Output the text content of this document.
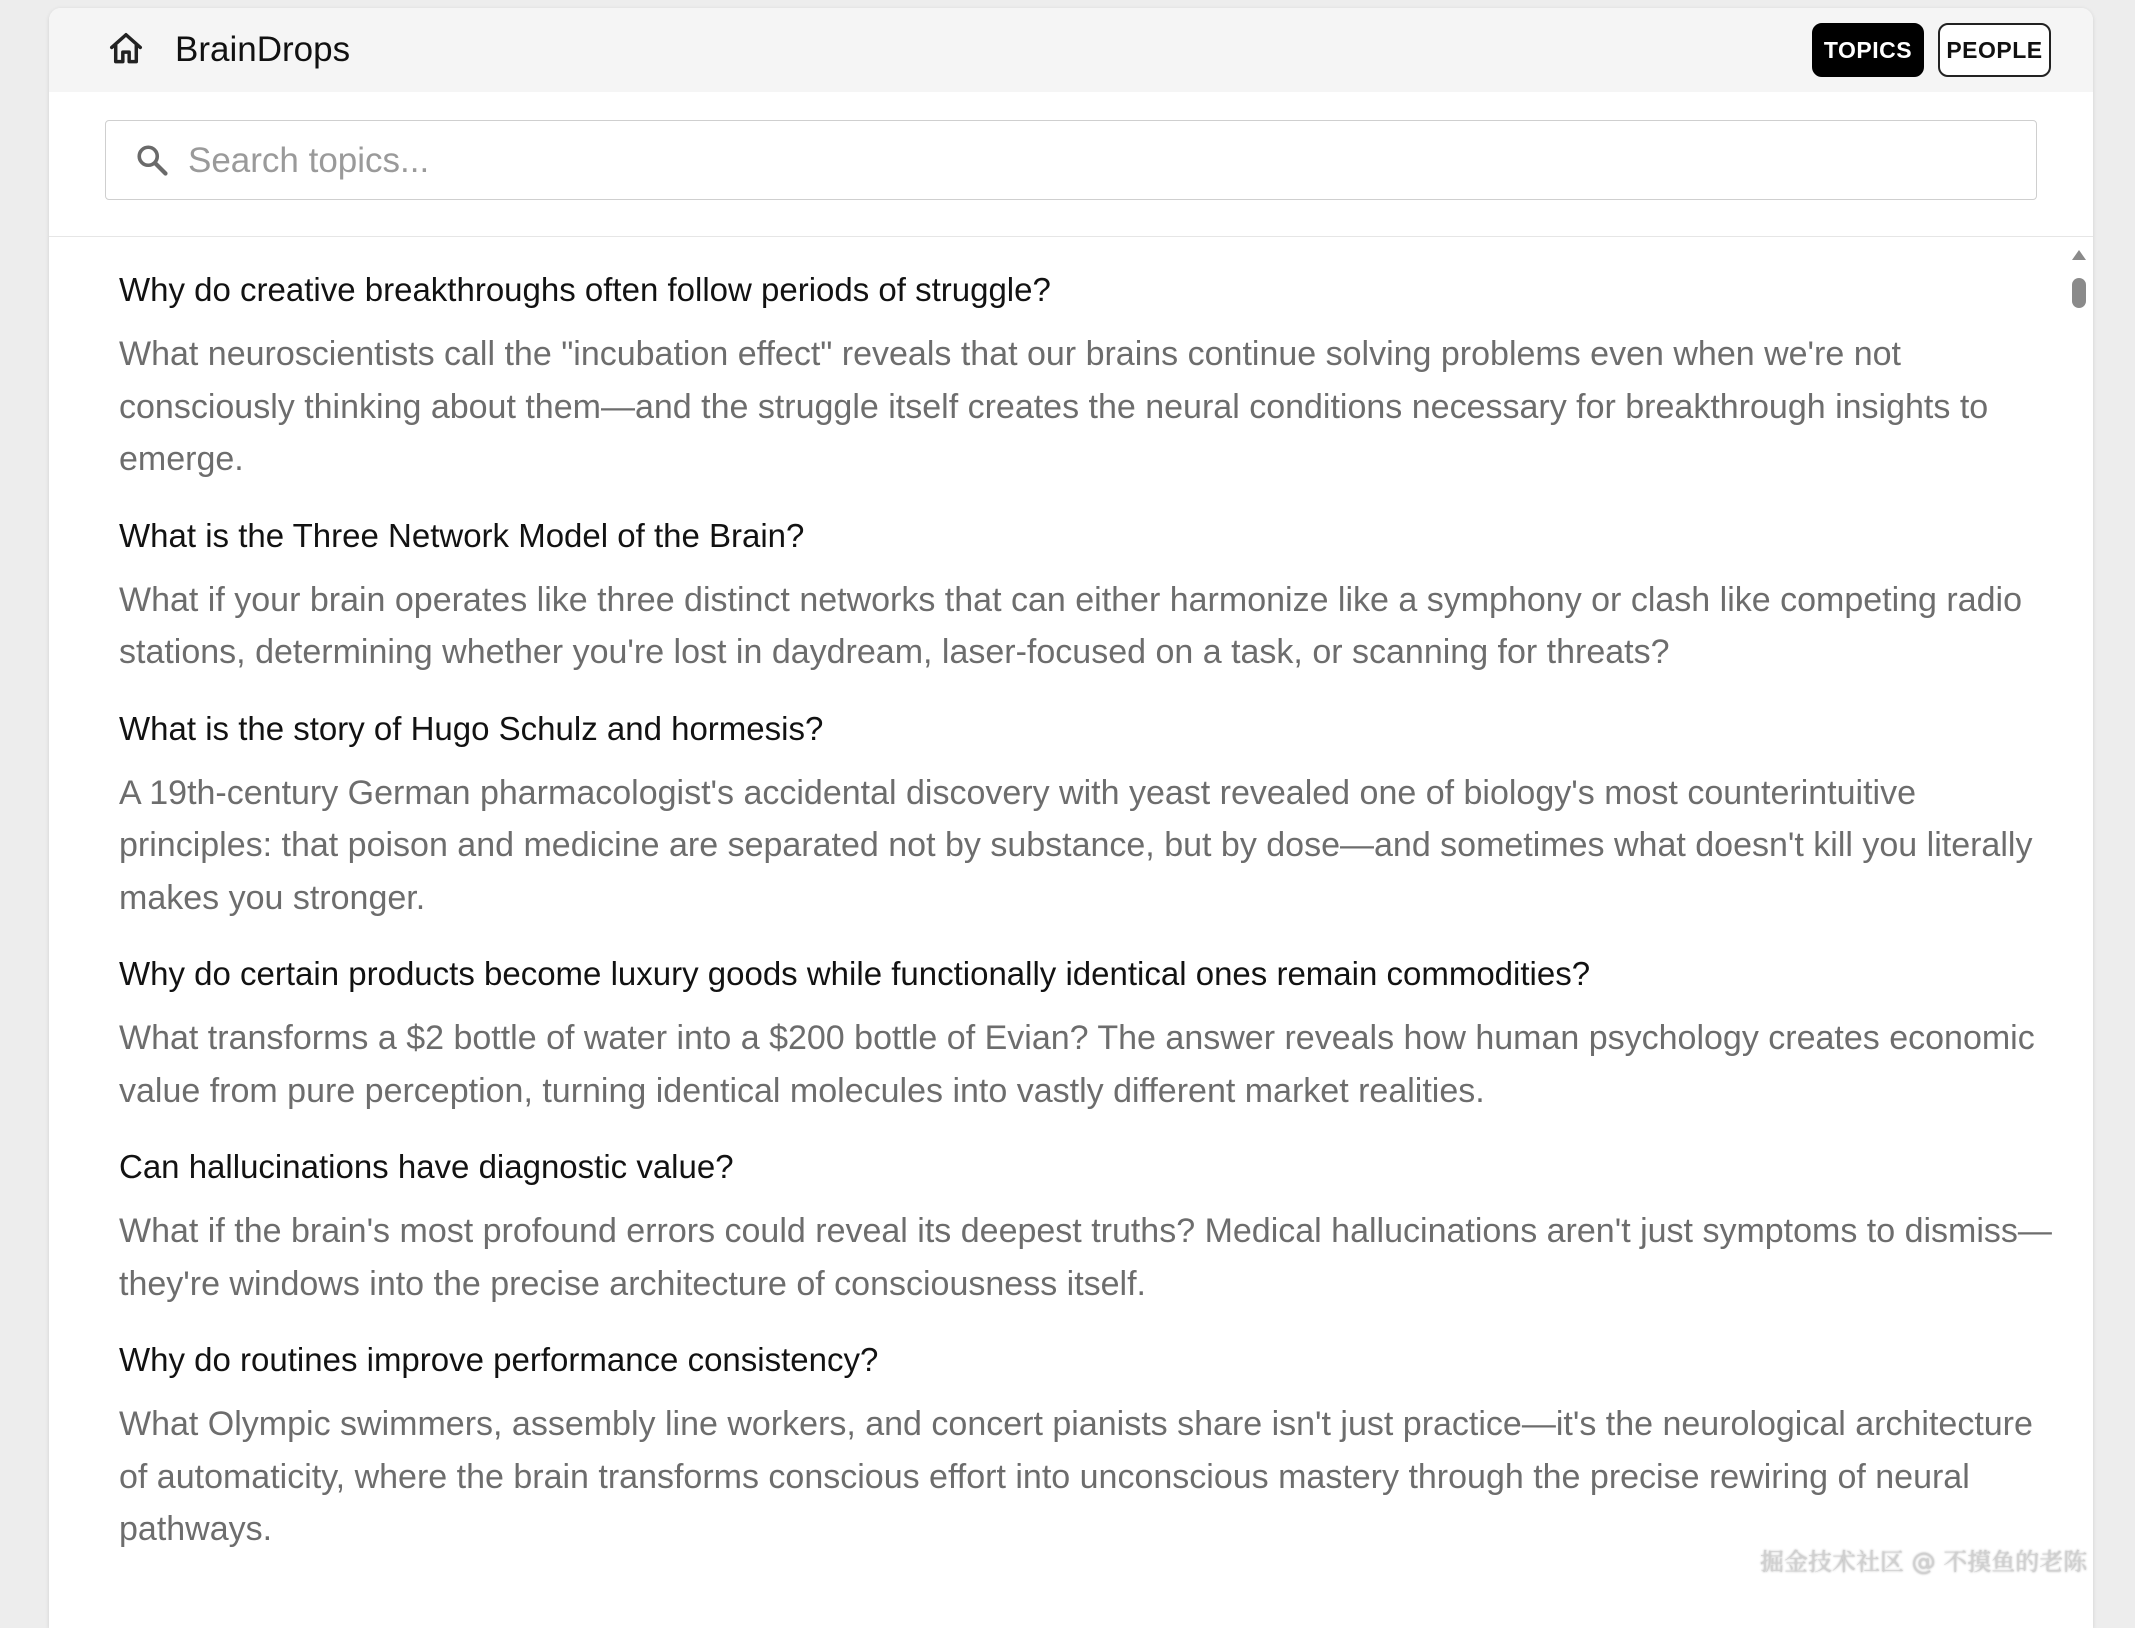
BrainDrops	TOPICS	PEOPLE
Search topics...
Why do creative breakthroughs often follow periods of struggle?
What neuroscientists call the "incubation effect" reveals that our brains continue solving problems even when we're not consciously thinking about them—and the struggle itself creates the neural conditions necessary for breakthrough insights to emerge.
What is the Three Network Model of the Brain?
What if your brain operates like three distinct networks that can either harmonize like a symphony or clash like competing radio stations, determining whether you're lost in daydream, laser-focused on a task, or scanning for threats?
What is the story of Hugo Schulz and hormesis?
A 19th-century German pharmacologist's accidental discovery with yeast revealed one of biology's most counterintuitive principles: that poison and medicine are separated not by substance, but by dose—and sometimes what doesn't kill you literally makes you stronger.
Why do certain products become luxury goods while functionally identical ones remain commodities?
What transforms a $2 bottle of water into a $200 bottle of Evian? The answer reveals how human psychology creates economic value from pure perception, turning identical molecules into vastly different market realities.
Can hallucinations have diagnostic value?
What if the brain's most profound errors could reveal its deepest truths? Medical hallucinations aren't just symptoms to dismiss—they're windows into the precise architecture of consciousness itself.
Why do routines improve performance consistency?
What Olympic swimmers, assembly line workers, and concert pianists share isn't just practice—it's the neurological architecture of automaticity, where the brain transforms conscious effort into unconscious mastery through the precise rewiring of neural pathways.
掘金技术社区 @ 不摸鱼的老陈
